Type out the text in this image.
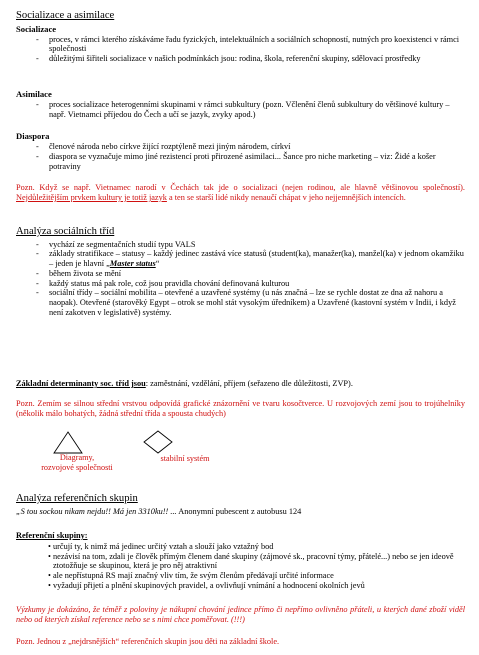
Socializace a asimilace
Socializace
- proces, v rámci kterého získáváme řadu fyzických, intelektuálních a sociálních schopností, nutných pro koexistenci v rámci společnosti
- důležitými šiřiteli socializace v našich podmínkách jsou: rodina, škola, referenční skupiny, sdělovací prostředky
Asimilace
- proces socializace heterogenními skupinami v rámci subkultury (pozn. Včlenění členů subkultury do většinové kultury – např. Vietnamci příjedou do Čech a učí se jazyk, zvyky apod.)
Diaspora
- členové národa nebo církve žijící rozptýleně mezi jiným národem, církví
- diaspora se vyznačuje mimo jiné rezistencí proti přirozené asimilaci... Šance pro niche marketing – viz: Židé a košer potraviny
Pozn. Když se např. Vietnamec narodí v Čechách tak jde o socializaci (nejen rodinou, ale hlavně většinovou společností). Nejdůležitějším prvkem kultury je totiž jazyk a ten se starší lidé nikdy nenaučí chápat v jeho nejjemnějších intencích.
Analýza sociálních tříd
- vychází ze segmentačních studií typu VALS
- základy stratifikace – statusy – každý jedinec zastává více statusů (student(ka), manažer(ka), manžel(ka) v jednom okamžiku – jeden je hlavní „Master status“
- během života se mění
- každý status má pak role, což jsou pravidla chování definovaná kulturou
- sociální třídy – sociální mobilita – otevřené a uzavřené systémy (u nás značná – lze se rychle dostat ze dna až nahoru a naopak). Otevřené (starověký Egypt – otrok se mohl stát vysokým úředníkem) a Uzavřené (kastovní systém v Indii, i když není zakotven v legislativě) systémy.
Základní determinanty soc. tříd jsou: zaměstnání, vzdělání, příjem (seřazeno dle důležitosti, ZVP).
Pozn. Zemím se silnou střední vrstvou odpovídá grafické znázornění ve tvaru kosočtverce. U rozvojových zemí jsou to trojúhelníky (několik málo bohatých, žádná střední třída a spousta chudých)
Diagramy,
rozvojové společnosti
stabilní systém
Analýza referenčních skupin
„S tou sockou nikam nejdu!! Má jen 3310ku!! ... Anonymní pubescent z autobusu 124
Referenční skupiny:
• určují ty, k nimž má jedinec určitý vztah a slouží jako vztažný bod
• nezávisí na tom, zdali je člověk přímým členem dané skupiny (zájmové sk., pracovní týmy, přátelé...) nebo se jen ideově ztotožňuje se skupinou, která je pro něj atraktivní
• ale nepřístupná RS mají značný vliv tím, že svým členům předávají určité informace
• vyžadují přijetí a plnění skupinových pravidel, a ovlivňují vnímání a hodnocení okolních jevů
Výzkumy je dokázáno, že téměř z poloviny je nákupní chování jedince přímo či nepřímo ovlivněno přáteli, u kterých dané zboží viděl nebo od kterých získal reference nebo se s nimi chce poměřovat. (!!!)
Pozn. Jednou z „nejdrsnějších“ referenčních skupin jsou děti na základní škole.
